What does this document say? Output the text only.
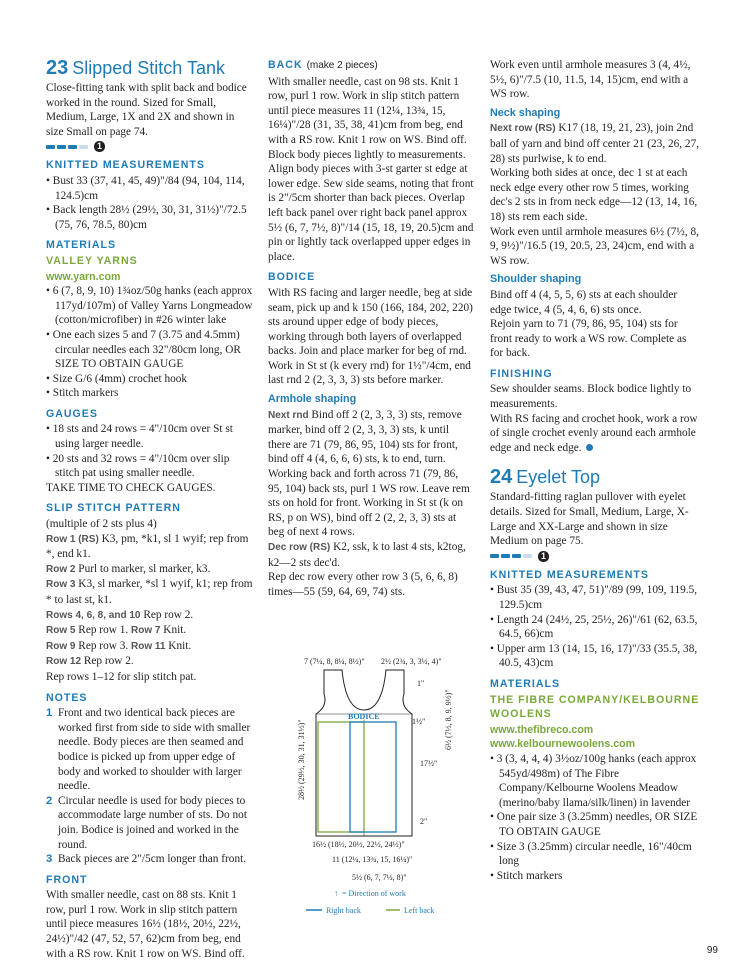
23 Slipped Stitch Tank

Close-fitting tank with split back and bodice worked in the round. Sized for Small, Medium, Large, 1X and 2X and shown in size Small on page 74.

1
KNITTED MEASUREMENTS

• Bust 33 (37, 41, 45, 49)"/84 (94, 104, 114, 124.5)cm

• Back length 28½ (29½, 30, 31, 31½)"/72.5 (75, 76, 78.5, 80)cm

MATERIALS
VALLEY YARNS
www.yarn.com

• 6 (7, 8, 9, 10) 1¾oz/50g hanks (each approx 117yd/107m) of Valley Yarns Longmeadow (cotton/microfiber) in #26 winter lake

• One each sizes 5 and 7 (3.75 and 4.5mm) circular needles each 32"/80cm long, OR SIZE TO OBTAIN GAUGE

• Size G/6 (4mm) crochet hook

• Stitch markers

GAUGES

• 18 sts and 24 rows = 4"/10cm over St st using larger needle.

• 20 sts and 32 rows = 4"/10cm over slip stitch pat using smaller needle.

TAKE TIME TO CHECK GAUGES.

SLIP STITCH PATTERN

(multiple of 2 sts plus 4)

Row 1 (RS) K3, pm, *k1, sl 1 wyif; rep from *, end k1.

Row 2 Purl to marker, sl marker, k3.

Row 3 K3, sl marker, *sl 1 wyif, k1; rep from * to last st, k1.

Rows 4, 6, 8, and 10 Rep row 2.

Row 5 Rep row 1. Row 7 Knit.

Row 9 Rep row 3. Row 11 Knit.

Row 12 Rep row 2.

Rep rows 1–12 for slip stitch pat.

NOTES

1 Front and two identical back pieces are worked first from side to side with smaller needle. Body pieces are then seamed and bodice is picked up from upper edge of body and worked to shoulder with larger needle.

2 Circular needle is used for body pieces to accommodate large number of sts. Do not join. Bodice is joined and worked in the round.

3 Back pieces are 2"/5cm longer than front.

FRONT

With smaller needle, cast on 88 sts. Knit 1 row, purl 1 row. Work in slip stitch pattern until piece measures 16½ (18½, 20½, 22½, 24½)"/42 (47, 52, 57, 62)cm from beg, end with a RS row. Knit 1 row on WS. Bind off.

BACK (make 2 pieces)

With smaller needle, cast on 98 sts. Knit 1 row, purl 1 row. Work in slip stitch pattern until piece measures 11 (12¼, 13¾, 15, 16¼)"/28 (31, 35, 38, 41)cm from beg, end with a RS row. Knit 1 row on WS. Bind off. Block body pieces lightly to measurements. Align body pieces with 3-st garter st edge at lower edge. Sew side seams, noting that front is 2"/5cm shorter than back pieces. Overlap left back panel over right back panel approx 5½ (6, 7, 7½, 8)"/14 (15, 18, 19, 20.5)cm and pin or lightly tack overlapped upper edges in place.

BODICE

With RS facing and larger needle, beg at side seam, pick up and k 150 (166, 184, 202, 220) sts around upper edge of body pieces, working through both layers of overlapped backs. Join and place marker for beg of rnd. Work in St st (k every rnd) for 1½"/4cm, end last rnd 2 (2, 3, 3, 3) sts before marker.

Armhole shaping

Next rnd Bind off 2 (2, 3, 3, 3) sts, remove marker, bind off 2 (2, 3, 3, 3) sts, k until there are 71 (79, 86, 95, 104) sts for front, bind off 4 (4, 6, 6, 6) sts, k to end, turn. Working back and forth across 71 (79, 86, 95, 104) back sts, purl 1 WS row. Leave rem sts on hold for front. Working in St st (k on RS, p on WS), bind off 2 (2, 2, 3, 3) sts at beg of next 4 rows.

Dec row (RS) K2, ssk, k to last 4 sts, k2tog, k2—2 sts dec'd.

Rep dec row every other row 3 (5, 6, 6, 8) times—55 (59, 64, 69, 74) sts.

7 (7¼, 8, 8¼, 8½)" 2½ (2¾, 3, 3½, 4)"
BODICE
1"
1½" 6½ (7½, 8, 9, 9½)"
28½ (29½, 30, 31, 31½)"	17½"
2"
16½ (18½, 20½, 22½, 24½)"
11 (12¼, 13¾, 15, 16¼)"
5½ (6, 7, 7½, 8)"
↑ = Direction of work
Right back	Left back

Work even until armhole measures 3 (4, 4½, 5½, 6)"/7.5 (10, 11.5, 14, 15)cm, end with a WS row.

Neck shaping

Next row (RS) K17 (18, 19, 21, 23), join 2nd ball of yarn and bind off center 21 (23, 26, 27, 28) sts purlwise, k to end.

Working both sides at once, dec 1 st at each neck edge every other row 5 times, working dec's 2 sts in from neck edge—12 (13, 14, 16, 18) sts rem each side.

Work even until armhole measures 6½ (7½, 8, 9, 9½)"/16.5 (19, 20.5, 23, 24)cm, end with a WS row.

Shoulder shaping

Bind off 4 (4, 5, 5, 6) sts at each shoulder edge twice, 4 (5, 4, 6, 6) sts once.

Rejoin yarn to 71 (79, 86, 95, 104) sts for front ready to work a WS row. Complete as for back.

FINISHING

Sew shoulder seams. Block bodice lightly to measurements.

With RS facing and crochet hook, work a row of single crochet evenly around each armhole edge and neck edge.

24 Eyelet Top

Standard-fitting raglan pullover with eyelet details. Sized for Small, Medium, Large, X-Large and XX-Large and shown in size Medium on page 75.

1
KNITTED MEASUREMENTS

• Bust 35 (39, 43, 47, 51)"/89 (99, 109, 119.5, 129.5)cm

• Length 24 (24½, 25, 25½, 26)"/61 (62, 63.5, 64.5, 66)cm

• Upper arm 13 (14, 15, 16, 17)"/33 (35.5, 38, 40.5, 43)cm

MATERIALS
THE FIBRE COMPANY/KELBOURNE WOOLENS
www.thefibreco.com
www.kelbournewoolens.com

• 3 (3, 4, 4, 4) 3½oz/100g hanks (each approx 545yd/498m) of The Fibre Company/Kelbourne Woolens Meadow (merino/baby llama/silk/linen) in lavender

• One pair size 3 (3.25mm) needles, OR SIZE TO OBTAIN GAUGE

• Size 3 (3.25mm) circular needle, 16"/40cm long

• Stitch markers

99
